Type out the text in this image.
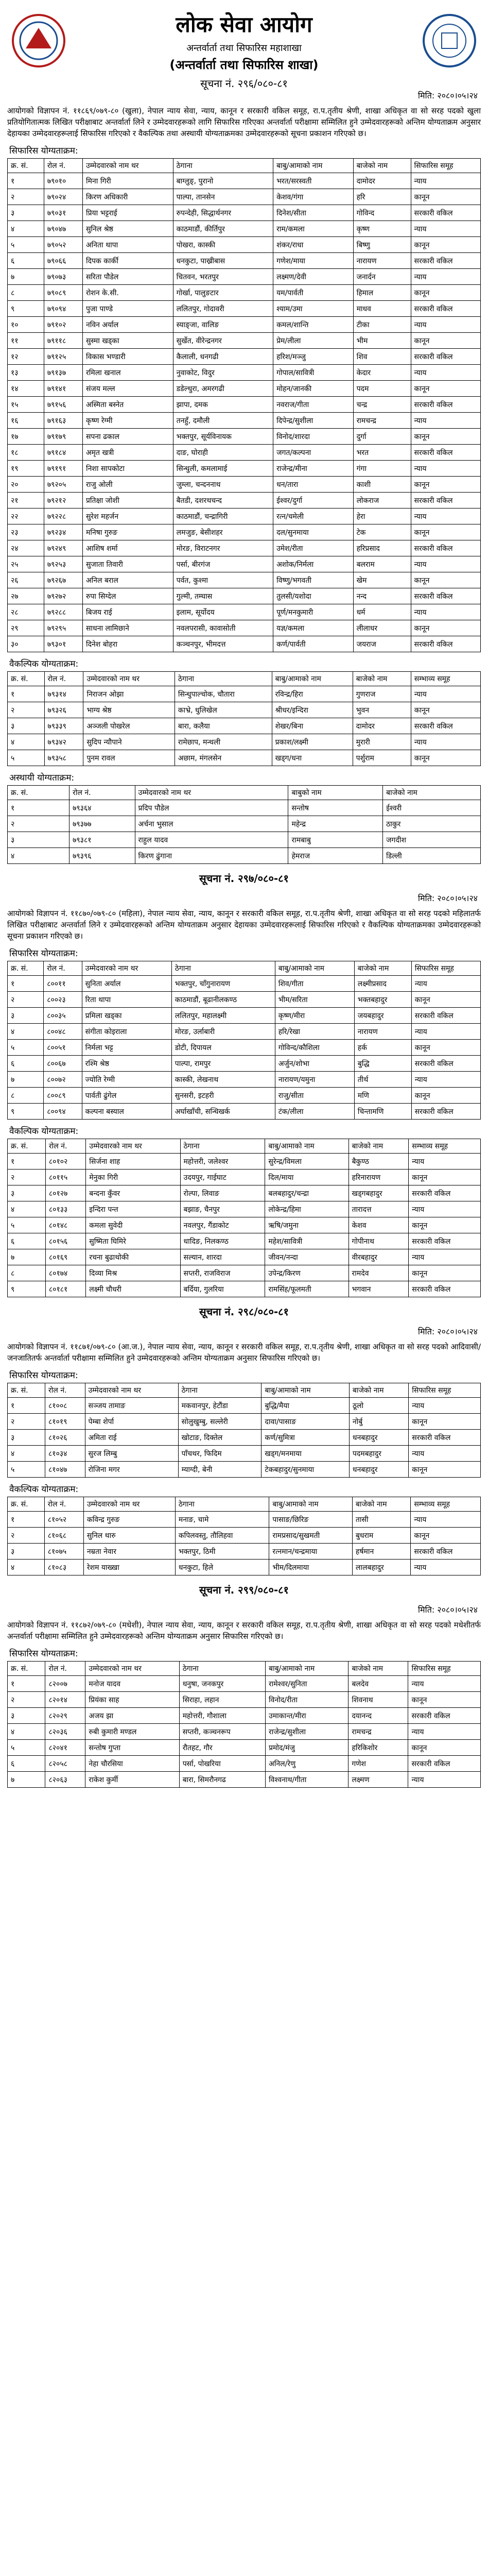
लोक सेवा आयोग
अन्तर्वार्ता तथा सिफारिस महाशाखा
(अन्तर्वार्ता तथा सिफारिस शाखा)
सूचना नं. २९६/०८०-८१
मिति: २०८०।०५।२४
आयोगको विज्ञापन नं. ११८६९/०७९-८० (खुला), नेपाल न्याय सेवा, न्याय, कानून र सरकारी वकिल समूह, रा.प.तृतीय श्रेणी, शाखा अधिकृत वा सो सरह पदको खुला प्रतियोगितात्मक लिखित परीक्षाबाट अन्तर्वार्ता लिने र उम्मेदवारहरूको लागि सिफारिस गरिएका अन्तर्वार्ता परीक्षामा सम्मिलित हुने उम्मेदवारहरूको अन्तिम योग्यताक्रम अनुसार देहायका उम्मेदवारहरूलाई सिफारिस गरिएको र वैकल्पिक तथा अस्थायी योग्यताक्रमका उम्मेदवारहरूको सूचना प्रकाशन गरिएको छ।
सिफारिस योग्यताक्रम:
क्र. सं.	रोल नं.	उम्मेदवारको नाम थर	ठेगाना	बाबु/आमाको नाम	बाजेको नाम	सिफारिस समूह
१	७९०१०	मिना गिरी	बाग्लुङ्, पुरानो	भरत/सरस्वती	दामोदर	न्याय
२	७९०२४	किरण अधिकारी	पाल्पा, तानसेन	केशव/गंगा	हरि	कानून
३	७९०३१	प्रिया भट्टराई	रुपन्देही, सिद्धार्थनगर	दिनेश/सीता	गोविन्द	सरकारी वकिल
४	७९०४७	सुनिल श्रेष्ठ	काठमाडौं, कीर्तिपुर	राम/कमला	कृष्ण	न्याय
५	७९०५२	अनिता थापा	पोखरा, कास्की	शंकर/राधा	बिष्णु	कानून
६	७९०६६	दिपक कार्की	धनकुटा, पाख्रीबास	गणेश/माया	नारायण	सरकारी वकिल
७	७९०७३	सरिता पौडेल	चितवन, भरतपुर	लक्ष्मण/देवी	जनार्दन	न्याय
८	७९०८९	रोशन के.सी.	गोर्खा, पालुङटार	यम/पार्वती	हिमाल	कानून
९	७९०९४	पुजा पाण्डे	ललितपुर, गोदावरी	श्याम/उमा	माधव	सरकारी वकिल
१०	७९१०२	नविन अर्याल	स्याङ्जा, वालिङ	कमल/शान्ति	टीका	न्याय
११	७९११८	सुस्मा खड्का	सुर्खेत, वीरेन्द्रनगर	प्रेम/लीला	भीम	कानून
१२	७९१२५	विकास भण्डारी	कैलाली, धनगढी	हरिश/मञ्जु	शिव	सरकारी वकिल
१३	७९१३७	रमिला खनाल	नुवाकोट, विदुर	गोपाल/सावित्री	केदार	न्याय
१४	७९१४१	संजय मल्ल	डडेल्धुरा, अमरगढी	मोहन/जानकी	पदम	कानून
१५	७९१५६	अस्मिता बस्नेत	झापा, दमक	नवराज/गीता	चन्द्र	सरकारी वकिल
१६	७९१६३	कृष्ण रेग्मी	तनहुँ, दमौली	दिपेन्द्र/सुशीला	रामचन्द्र	न्याय
१७	७९१७९	सपना ढकाल	भक्तपुर, सूर्यविनायक	विनोद/शारदा	दुर्गा	कानून
१८	७९१८४	अमृत खत्री	दाङ, घोराही	जगत/कल्पना	भरत	सरकारी वकिल
१९	७९१९१	निशा सापकोटा	सिन्धुली, कमलामाई	राजेन्द्र/मीना	गंगा	न्याय
२०	७९२०५	राजु ओली	जुम्ला, चन्दननाथ	धन/तारा	काशी	कानून
२१	७९२१२	प्रतिक्षा जोशी	बैतडी, दशरथचन्द	ईश्वर/दुर्गा	लोकराज	सरकारी वकिल
२२	७९२२८	सुरेश महर्जन	काठमाडौं, चन्द्रागिरी	रत्न/चमेली	हेरा	न्याय
२३	७९२३४	मनिषा गुरुङ	लमजुङ, बेसीशहर	दल/सुनमाया	टेक	कानून
२४	७९२४९	आशिष शर्मा	मोरङ, विराटनगर	उमेश/रीता	हरिप्रसाद	सरकारी वकिल
२५	७९२५३	सुजाता तिवारी	पर्सा, बीरगंज	अशोक/निर्मला	बलराम	न्याय
२६	७९२६७	अनिल बराल	पर्वत, कुश्मा	विष्णु/भगवती	खेम	कानून
२७	७९२७२	रुपा सिग्देल	गुल्मी, तम्घास	तुलसी/यशोदा	नन्द	सरकारी वकिल
२८	७९२८८	बिजय राई	इलाम, सूर्योदय	पूर्ण/मनकुमारी	धर्म	न्याय
२९	७९२९५	साधना लामिछाने	नवलपरासी, कावासोती	यज्ञ/कमला	लीलाधर	कानून
३०	७९३०१	दिनेश बोहरा	कञ्चनपुर, भीमदत्त	कर्ण/पार्वती	जयराज	सरकारी वकिल
वैकल्पिक योग्यताक्रम:
क्र. सं.	रोल नं.	उम्मेदवारको नाम थर	ठेगाना	बाबु/आमाको नाम	बाजेको नाम	सम्भाव्य समूह
१	७९३१४	निराजन ओझा	सिन्धुपाल्चोक, चौतारा	रविन्द्र/हिरा	गुणराज	न्याय
२	७९३२६	भाग्य श्रेष्ठ	काभ्रे, धुलिखेल	श्रीधर/इन्दिरा	भुवन	कानून
३	७९३३९	अञ्जली पोखरेल	बारा, कलैया	शेखर/बिना	दामोदर	सरकारी वकिल
४	७९३४२	सुदिप न्यौपाने	रामेछाप, मन्थली	प्रकाश/लक्ष्मी	मुरारी	न्याय
५	७९३५८	पुनम रावल	अछाम, मंगलसेन	खड्ग/धना	पर्शुराम	कानून
अस्थायी योग्यताक्रम:
क्र. सं.	रोल नं.	उम्मेदवारको नाम थर	बाबुको नाम	बाजेको नाम
१	७९३६४	प्रदिप पौडेल	सन्तोष	ईश्वरी
२	७९३७७	अर्चना भुसाल	महेन्द्र	ठाकुर
३	७९३८१	राहुल यादव	रामबाबु	जगदीश
४	७९३९६	किरण ढुंगाना	हेमराज	डिल्ली
सूचना नं. २९७/०८०-८१
मिति: २०८०।०५।२४
आयोगको विज्ञापन नं. ११८७०/०७९-८० (महिला), नेपाल न्याय सेवा, न्याय, कानून र सरकारी वकिल समूह, रा.प.तृतीय श्रेणी, शाखा अधिकृत वा सो सरह पदको महिलातर्फ लिखित परीक्षाबाट अन्तर्वार्ता लिने र उम्मेदवारहरूको अन्तिम योग्यताक्रम अनुसार देहायका उम्मेदवारहरूलाई सिफारिस गरिएको र वैकल्पिक योग्यताक्रमका उम्मेदवारहरूको सूचना प्रकाशन गरिएको छ।
सिफारिस योग्यताक्रम:
क्र. सं.	रोल नं.	उम्मेदवारको नाम थर	ठेगाना	बाबु/आमाको नाम	बाजेको नाम	सिफारिस समूह
१	८००११	सुनिता अर्याल	भक्तपुर, चाँगुनारायण	शिव/गीता	लक्ष्मीप्रसाद	न्याय
२	८००२३	रिता थापा	काठमाडौं, बूढानीलकण्ठ	भीम/सरिता	भक्तबहादुर	कानून
३	८००३५	प्रमिला खड्का	ललितपुर, महालक्ष्मी	कृष्ण/मीरा	जयबहादुर	सरकारी वकिल
४	८००४८	संगीता कोइराला	मोरङ, उर्लाबारी	हरि/रेखा	नारायण	न्याय
५	८००५१	निर्मला भट्ट	डोटी, दिपायल	गोविन्द/कौशिला	हर्क	कानून
६	८००६७	रश्मि श्रेष्ठ	पाल्पा, रामपुर	अर्जुन/शोभा	बुद्धि	सरकारी वकिल
७	८००७२	ज्योति रेग्मी	कास्की, लेखनाथ	नारायण/यमुना	तीर्थ	न्याय
८	८००८९	पार्वती ढुंगेल	सुनसरी, इटहरी	राजु/सीता	मणि	कानून
९	८००९४	कल्पना बस्याल	अर्घाखाँची, सन्धिखर्क	टंक/लीला	चिन्तामणि	सरकारी वकिल
वैकल्पिक योग्यताक्रम:
क्र. सं.	रोल नं.	उम्मेदवारको नाम थर	ठेगाना	बाबु/आमाको नाम	बाजेको नाम	सम्भाव्य समूह
१	८०१०२	सिर्जना शाह	महोत्तरी, जलेश्वर	सुरेन्द्र/विमला	बैकुण्ठ	न्याय
२	८०११५	मेनुका गिरी	उदयपुर, गाईघाट	दिल/माया	हरिनारायण	कानून
३	८०१२७	बन्दना कुँवर	रोल्पा, लिवाङ	बलबहादुर/चन्द्रा	खड्गबहादुर	सरकारी वकिल
४	८०१३३	इन्दिरा पन्त	बझाङ, चैनपुर	लोकेन्द्र/हिमा	तारादत्त	न्याय
५	८०१४८	कमला सुवेदी	नवलपुर, गैंडाकोट	ऋषि/जमुना	केशव	कानून
६	८०१५६	सुष्मिता घिमिरे	धादिङ, निलकण्ठ	महेश/सावित्री	गोपीनाथ	सरकारी वकिल
७	८०१६९	रचना बुढाथोकी	सल्यान, शारदा	जीवन/नन्दा	वीरबहादुर	न्याय
८	८०१७४	दिव्या मिश्र	सप्तरी, राजविराज	उपेन्द्र/किरण	रामदेव	कानून
९	८०१८१	लक्ष्मी चौधरी	बर्दिया, गुलरिया	रामसिंह/फूलमती	भगवान	सरकारी वकिल
सूचना नं. २९८/०८०-८१
मिति: २०८०।०५।२४
आयोगको विज्ञापन नं. ११८७१/०७९-८० (आ.ज.), नेपाल न्याय सेवा, न्याय, कानून र सरकारी वकिल समूह, रा.प.तृतीय श्रेणी, शाखा अधिकृत वा सो सरह पदको आदिवासी/जनजातितर्फ अन्तर्वार्ता परीक्षामा सम्मिलित हुने उम्मेदवारहरूको अन्तिम योग्यताक्रम अनुसार सिफारिस गरिएको छ।
सिफारिस योग्यताक्रम:
क्र. सं.	रोल नं.	उम्मेदवारको नाम थर	ठेगाना	बाबु/आमाको नाम	बाजेको नाम	सिफारिस समूह
१	८१००८	सञ्जय तामाङ	मकवानपुर, हेटौंडा	बुद्धि/मैया	ठूलो	न्याय
२	८१०१९	पेम्बा शेर्पा	सोलुखुम्बु, सल्लेरी	दावा/पासाङ	नोर्बु	कानून
३	८१०२६	अमिता राई	खोटाङ, दिक्तेल	कर्ण/सुमित्रा	धनबहादुर	सरकारी वकिल
४	८१०३४	सुरज लिम्बु	पाँचथर, फिदिम	खड्ग/मनमाया	पदमबहादुर	न्याय
५	८१०४७	रोजिना मगर	म्याग्दी, बेनी	टेकबहादुर/सुनमाया	धनबहादुर	कानून
वैकल्पिक योग्यताक्रम:
क्र. सं.	रोल नं.	उम्मेदवारको नाम थर	ठेगाना	बाबु/आमाको नाम	बाजेको नाम	सम्भाव्य समूह
१	८१०५२	कविन्द्र गुरुङ	मनाङ, चामे	पासाङ/छिरिङ	तासी	न्याय
२	८१०६८	सुनिल थारु	कपिलवस्तु, तौलिहवा	रामप्रसाद/सुखमती	बुधराम	कानून
३	८१०७५	नम्रता नेवार	भक्तपुर, ठिमी	रत्नमान/चन्द्रमाया	हर्षमान	सरकारी वकिल
४	८१०८३	रेशम याख्खा	धनकुटा, हिले	भीम/दिलमाया	लालबहादुर	न्याय
सूचना नं. २९९/०८०-८१
मिति: २०८०।०५।२४
आयोगको विज्ञापन नं. ११८७२/०७९-८० (मधेशी), नेपाल न्याय सेवा, न्याय, कानून र सरकारी वकिल समूह, रा.प.तृतीय श्रेणी, शाखा अधिकृत वा सो सरह पदको मधेशीतर्फ अन्तर्वार्ता परीक्षामा सम्मिलित हुने उम्मेदवारहरूको अन्तिम योग्यताक्रम अनुसार सिफारिस गरिएको छ।
सिफारिस योग्यताक्रम:
क्र. सं.	रोल नं.	उम्मेदवारको नाम थर	ठेगाना	बाबु/आमाको नाम	बाजेको नाम	सिफारिस समूह
१	८२००७	मनोज यादव	धनुषा, जनकपुर	रामेश्वर/सुनिता	बलदेव	न्याय
२	८२०१४	प्रियंका साह	सिराहा, लहान	विनोद/रीता	शिवनाथ	कानून
३	८२०२९	अजय झा	महोत्तरी, गौशाला	उमाकान्त/मीरा	दयानन्द	सरकारी वकिल
४	८२०३६	रुबी कुमारी मण्डल	सप्तरी, कञ्चनरूप	राजेन्द्र/सुशीला	रामचन्द्र	न्याय
५	८२०४१	सन्तोष गुप्ता	रौतहट, गौर	प्रमोद/मंजु	हरिकिशोर	कानून
६	८२०५८	नेहा चौरसिया	पर्सा, पोखरिया	अनिल/रेणु	गणेश	सरकारी वकिल
७	८२०६३	राकेश कुर्मी	बारा, सिमरौनगढ	विश्वनाथ/गीता	लक्ष्मण	न्याय
